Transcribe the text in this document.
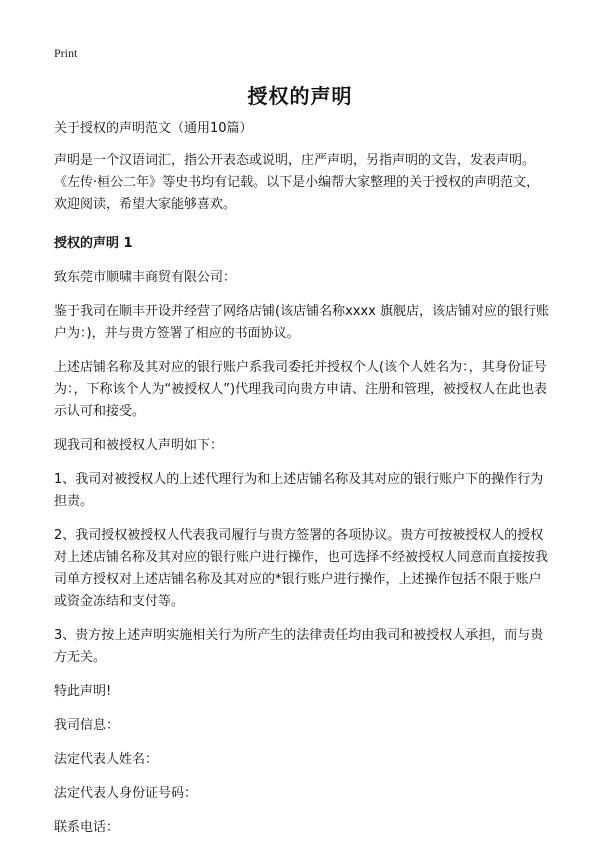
Print
授权的声明

关于授权的声明范文（通用10篇）

声明是一个汉语词汇，指公开表态或说明，庄严声明，另指声明的文告，发表声明。《左传·桓公二年》等史书均有记载。以下是小编帮大家整理的关于授权的声明范文，欢迎阅读，希望大家能够喜欢。

授权的声明 1

致东莞市顺啸丰商贸有限公司：

鉴于我司在顺丰开设并经营了网络店铺(该店铺名称xxxx 旗舰店，该店铺对应的银行账户为：)，并与贵方签署了相应的书面协议。

上述店铺名称及其对应的银行账户系我司委托并授权个人(该个人姓名为：，其身份证号为：，下称该个人为“被授权人”)代理我司向贵方申请、注册和管理，被授权人在此也表示认可和接受。

现我司和被授权人声明如下：

1、我司对被授权人的上述代理行为和上述店铺名称及其对应的银行账户下的操作行为担责。

2、我司授权被授权人代表我司履行与贵方签署的各项协议。贵方可按被授权人的授权对上述店铺名称及其对应的银行账户进行操作，也可选择不经被授权人同意而直接按我司单方授权对上述店铺名称及其对应的*银行账户进行操作，上述操作包括不限于账户或资金冻结和支付等。

3、贵方按上述声明实施相关行为所产生的法律责任均由我司和被授权人承担，而与贵方无关。

特此声明!

我司信息：

法定代表人姓名：

法定代表人身份证号码：

联系电话：
